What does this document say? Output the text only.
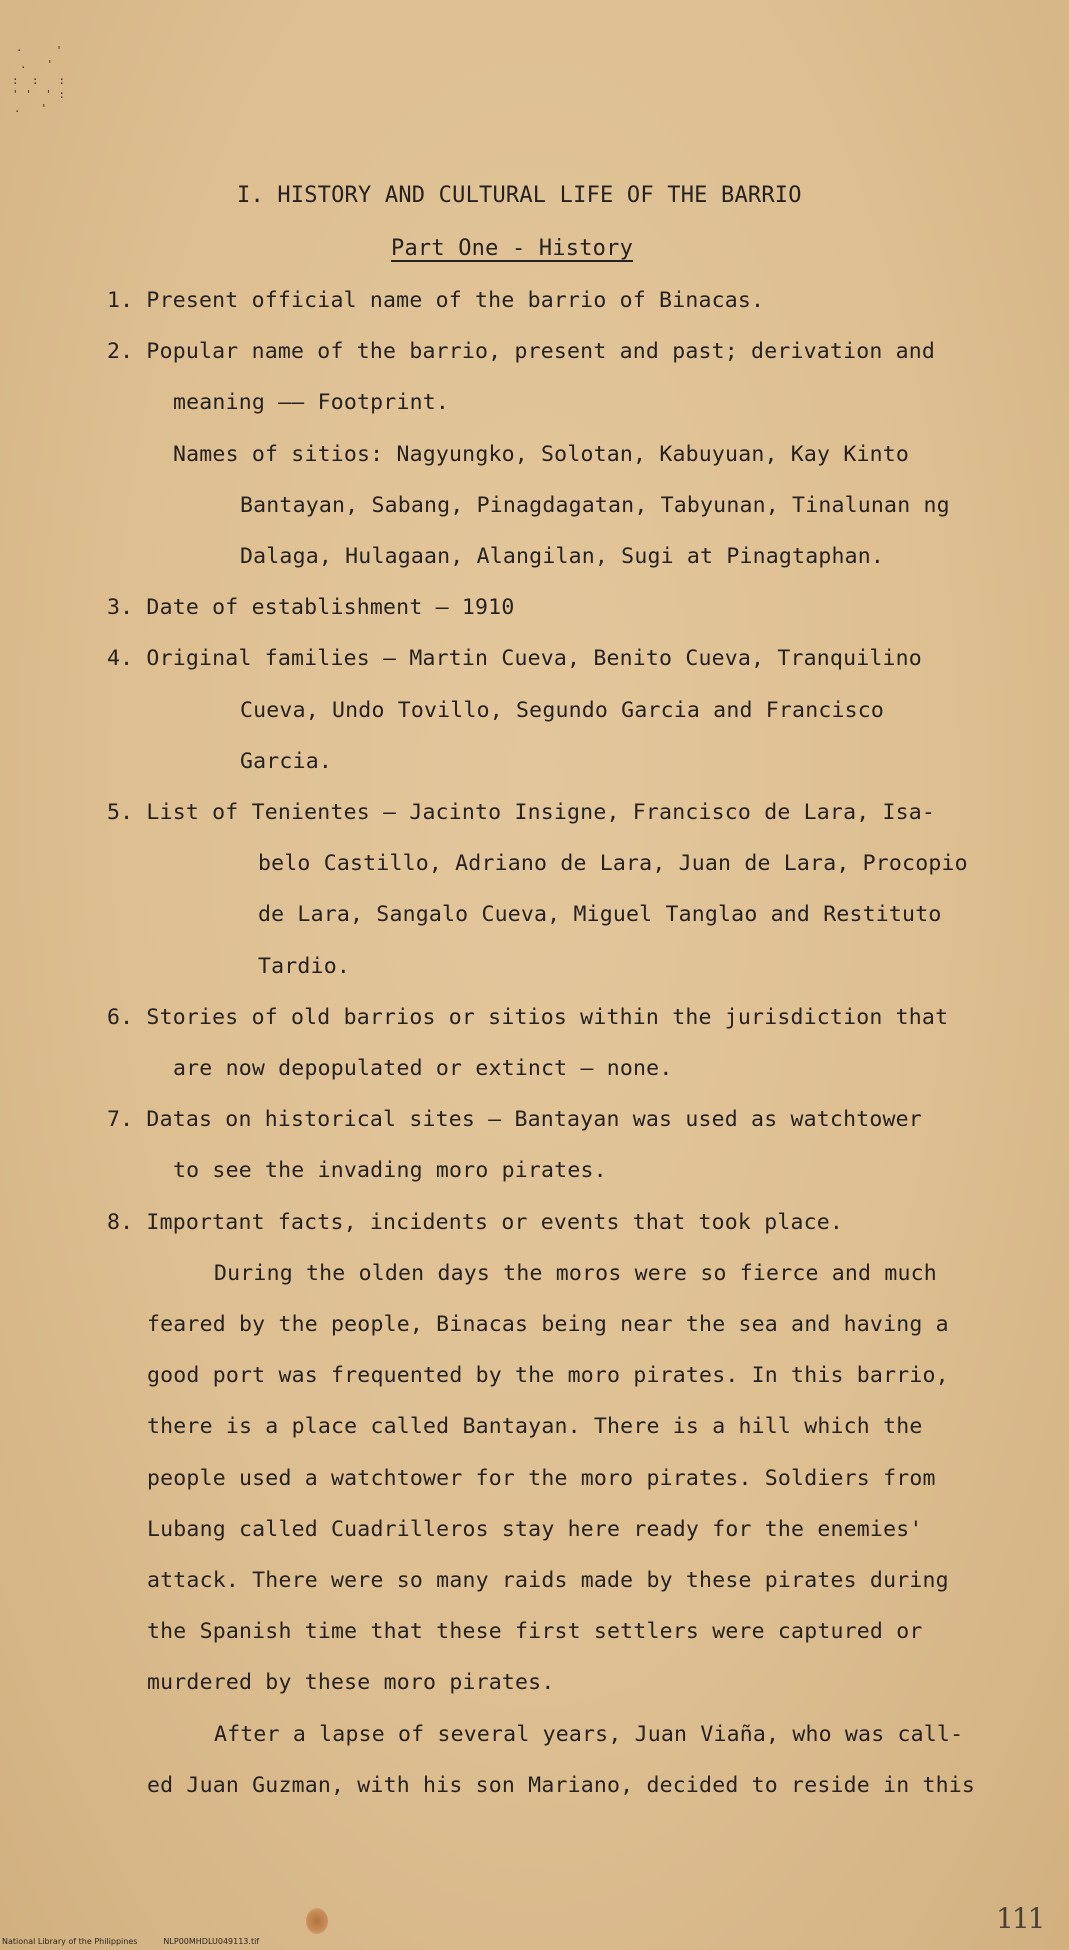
·     '
.   '
:  :   :
' '  ' :
.   '
I. HISTORY AND CULTURAL LIFE OF THE BARRIO
Part One - History
1. Present official name of the barrio of Binacas.
2. Popular name of the barrio, present and past; derivation and
meaning —— Footprint.
Names of sitios: Nagyungko, Solotan, Kabuyuan, Kay Kinto
Bantayan, Sabang, Pinagdagatan, Tabyunan, Tinalunan ng
Dalaga, Hulagaan, Alangilan, Sugi at Pinagtaphan.
3. Date of establishment — 1910
4. Original families — Martin Cueva, Benito Cueva, Tranquilino
Cueva, Undo Tovillo, Segundo Garcia and Francisco
Garcia.
5. List of Tenientes — Jacinto Insigne, Francisco de Lara, Isa-
belo Castillo, Adriano de Lara, Juan de Lara, Procopio
de Lara, Sangalo Cueva, Miguel Tanglao and Restituto
Tardio.
6. Stories of old barrios or sitios within the jurisdiction that
are now depopulated or extinct — none.
7. Datas on historical sites — Bantayan was used as watchtower
to see the invading moro pirates.
8. Important facts, incidents or events that took place.
During the olden days the moros were so fierce and much
feared by the people, Binacas being near the sea and having a
good port was frequented by the moro pirates. In this barrio,
there is a place called Bantayan. There is a hill which the
people used a watchtower for the moro pirates. Soldiers from
Lubang called Cuadrilleros stay here ready for the enemies'
attack. There were so many raids made by these pirates during
the Spanish time that these first settlers were captured or
murdered by these moro pirates.
After a lapse of several years, Juan Viaña, who was call-
ed Juan Guzman, with his son Mariano, decided to reside in this
National Library of the Philippines	NLP00MHDLU049113.tif
111
